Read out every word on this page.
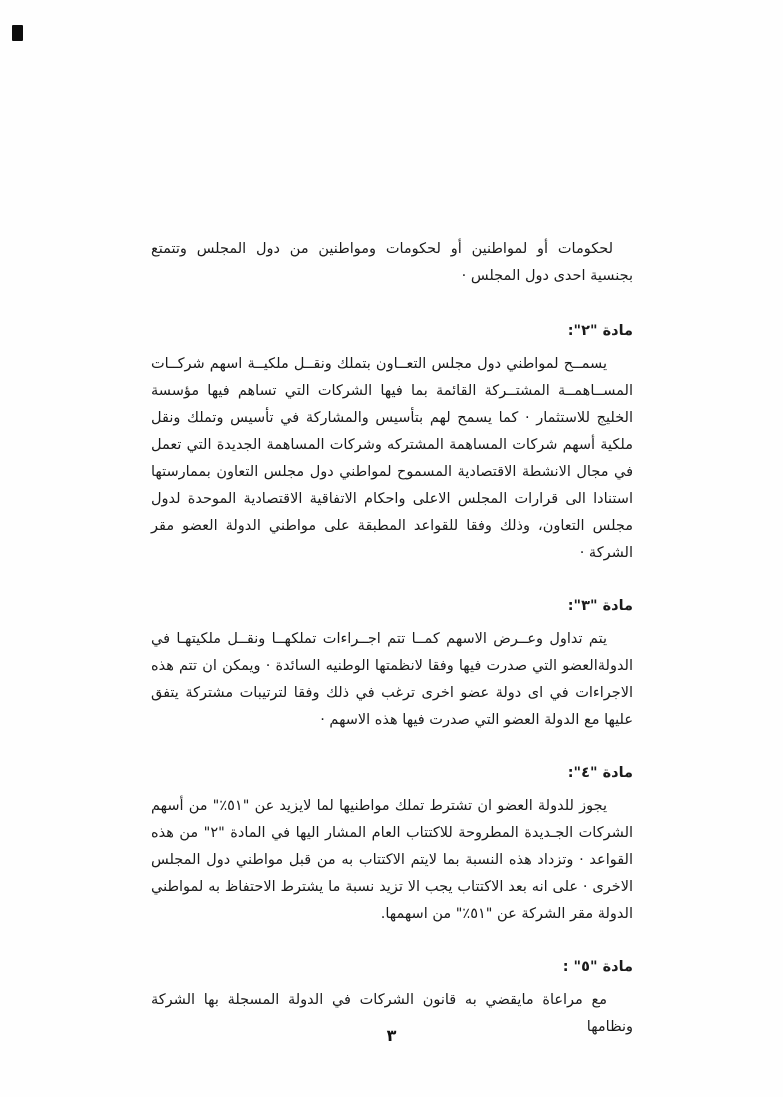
لحكومات أو لمواطنين أو لحكومات ومواطنين من دول المجلس وتتمتع بجنسية احدى دول المجلس ·

مادة "٢":

يسمــح لمواطني دول مجلس التعــاون بتملك ونقــل ملكيــة اسهم شركــات المســاهمــة المشتــركة القائمة بما فيها الشركات التي تساهم فيها مؤسسة الخليج للاستثمار · كما يسمح لهم بتأسيس والمشاركة في تأسيس وتملك ونقل ملكية أسهم شركات المساهمة المشتركه وشركات المساهمة الجديدة التي تعمل في مجال الانشطة الاقتصادية المسموح لمواطني دول مجلس التعاون بممارستها استنادا الى قرارات المجلس الاعلى واحكام الاتفاقية الاقتصادية الموحدة لدول مجلس التعاون، وذلك وفقا للقواعد المطبقة على مواطني الدولة العضو مقر الشركة ·

مادة "٣":

يتم تداول وعــرض الاسهم كمــا تتم اجــراءات تملكهــا ونقــل ملكيتهـا في الدولةالعضو التي صدرت فيها وفقا لانظمتها الوطنيه السائدة · ويمكن ان تتم هذه الاجراءات في اى دولة عضو اخرى ترغب في ذلك وفقا لترتيبات مشتركة يتفق عليها مع الدولة العضو التي صدرت فيها هذه الاسهم ·

مادة "٤":

يجوز للدولة العضو ان تشترط تملك مواطنيها لما لايزيد عن "٥١٪" من أسهم الشركات الجـديدة المطروحة للاكتتاب العام المشار اليها في المادة "٢" من هذه القواعد · وتزداد هذه النسبة بما لايتم الاكتتاب به من قبل مواطني دول المجلس الاخرى · على انه بعد الاكتتاب يجب الا تزيد نسبة ما يشترط الاحتفاظ به لمواطني الدولة مقر الشركة عن "٥١٪" من اسهمها.

مادة "٥" :

مع مراعاة مايقضي به قانون الشركات في الدولة المسجلة بها الشركة ونظامها

٣
